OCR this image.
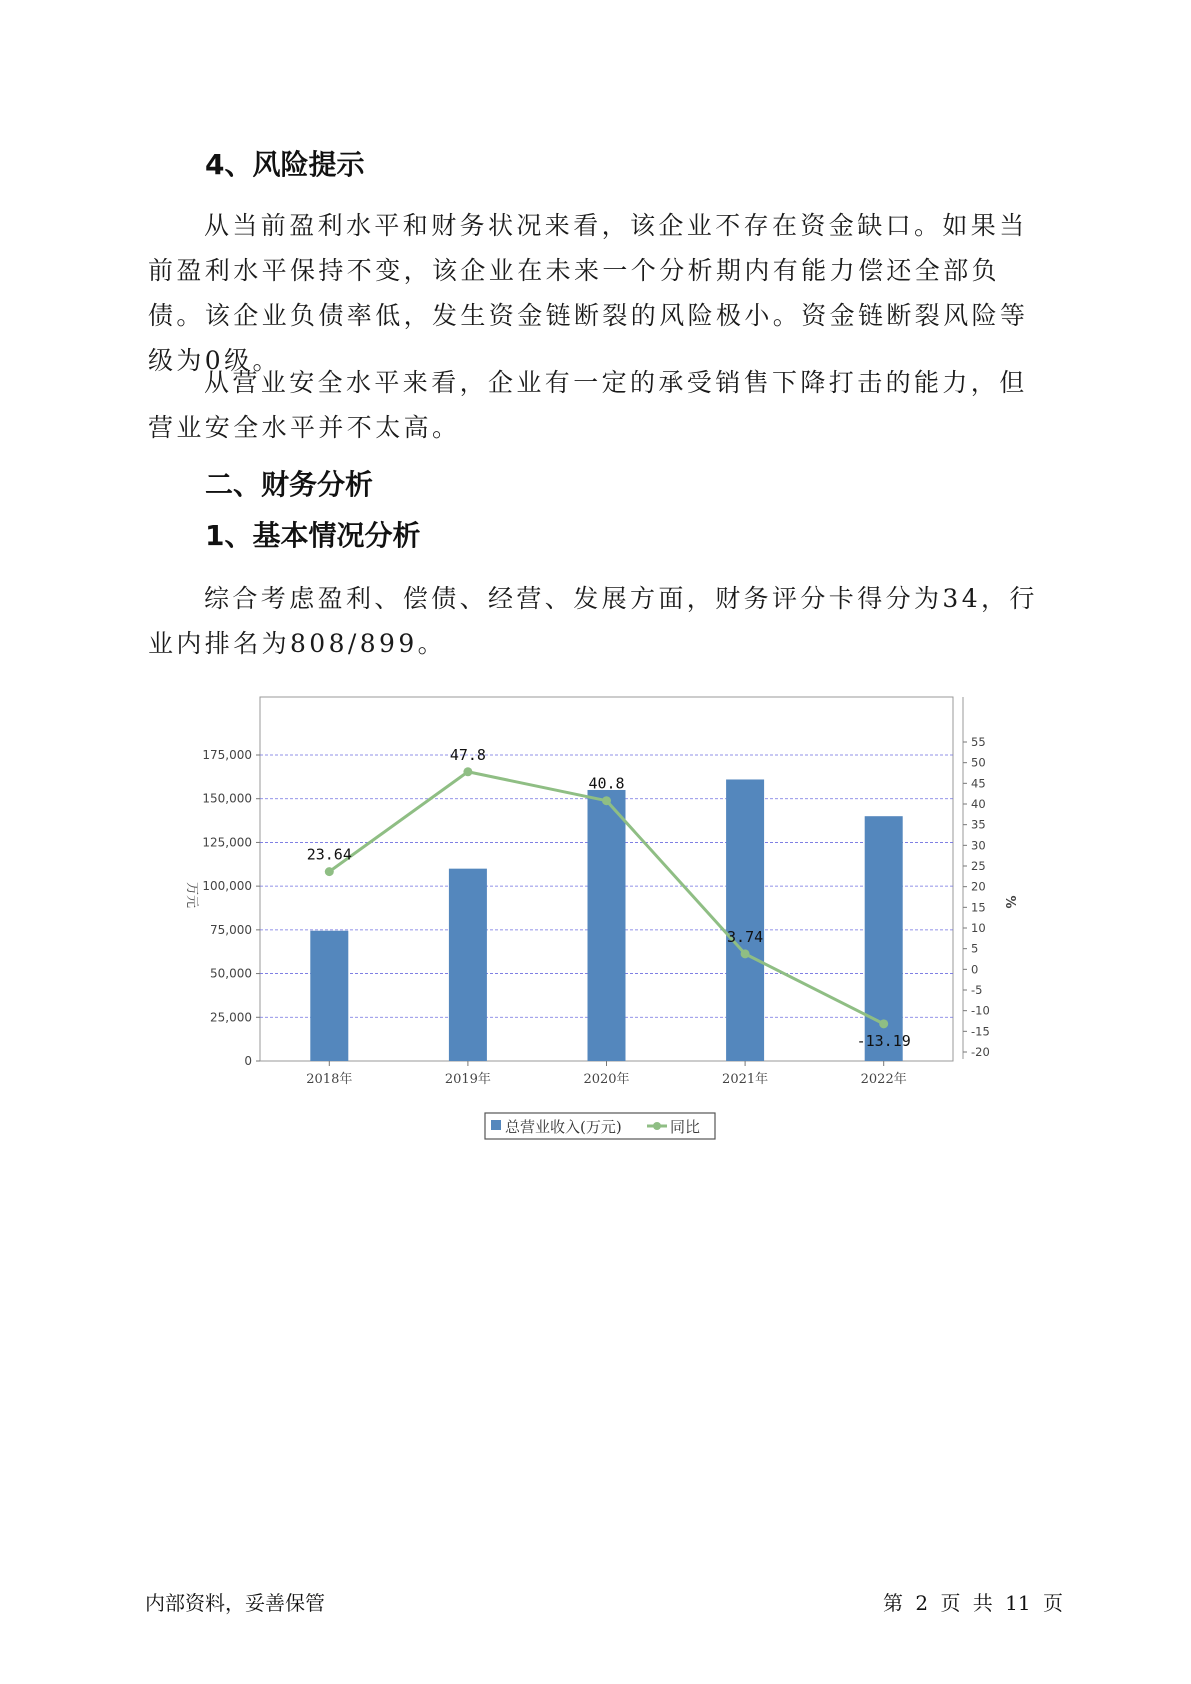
4、风险提示
从当前盈利水平和财务状况来看，该企业不存在资金缺口。如果当前盈利水平保持不变，该企业在未来一个分析期内有能力偿还全部负债。该企业负债率低，发生资金链断裂的风险极小。资金链断裂风险等级为0级。
从营业安全水平来看，企业有一定的承受销售下降打击的能力，但营业安全水平并不太高。
二、财务分析
1、基本情况分析
综合考虑盈利、偿债、经营、发展方面，财务评分卡得分为34，行业内排名为808/899。
0
25,000
50,000
75,000
100,000
125,000
150,000
175,000
-20
-15
-10
-5
0
5
10
15
20
25
30
35
40
45
50
55
2018年	2019年	2020年	2021年	2022年
23.64
47.8
40.8
3.74
-13.19
万元	%
总营业收入(万元)	同比
内部资料，妥善保管	第 2 页 共 11 页
